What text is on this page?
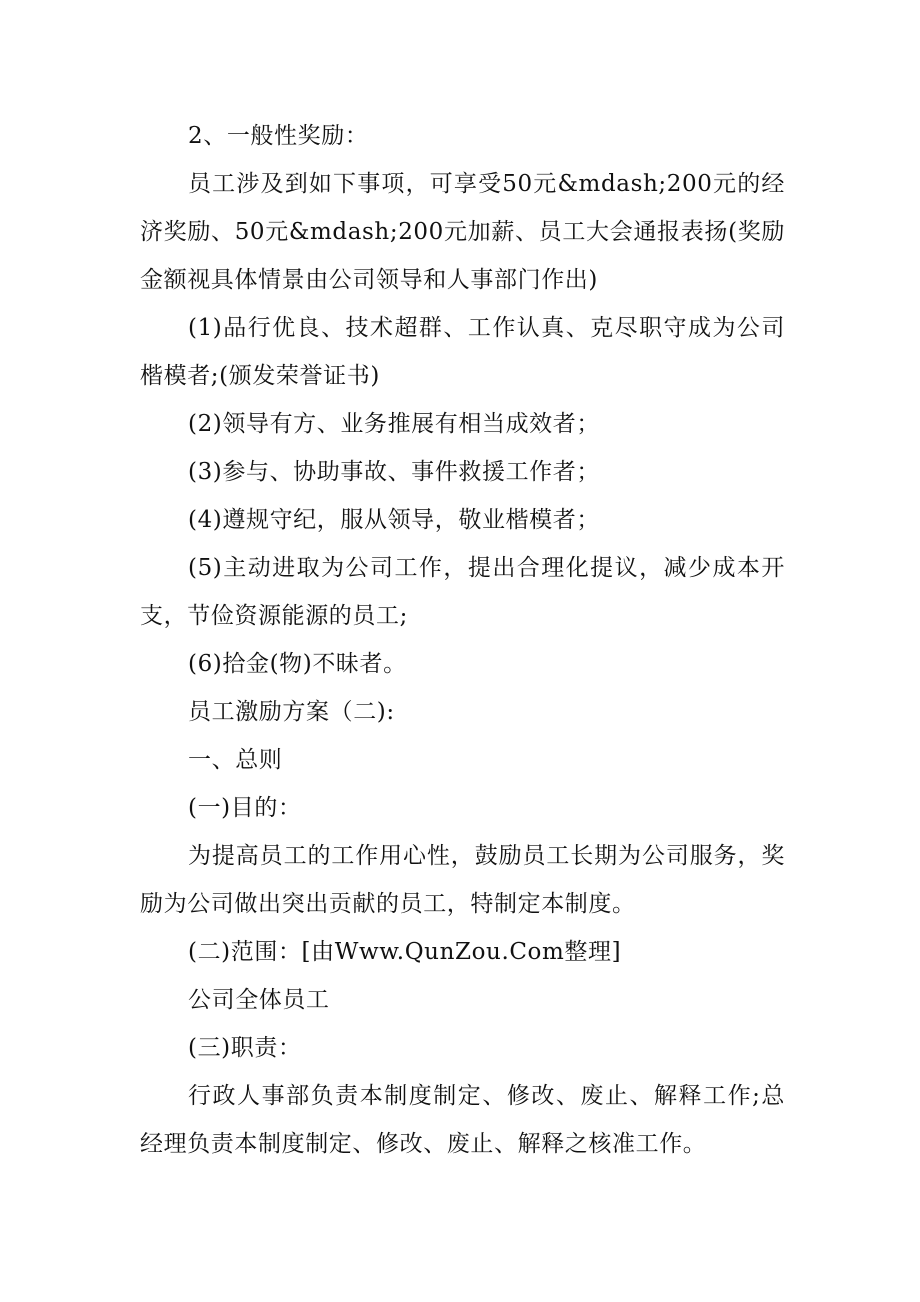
2、一般性奖励：

员工涉及到如下事项，可享受50元&mdash;200元的经济奖励、50元&mdash;200元加薪、员工大会通报表扬(奖励金额视具体情景由公司领导和人事部门作出)

(1)品行优良、技术超群、工作认真、克尽职守成为公司楷模者;(颁发荣誉证书)

(2)领导有方、业务推展有相当成效者；

(3)参与、协助事故、事件救援工作者；

(4)遵规守纪，服从领导，敬业楷模者；

(5)主动进取为公司工作，提出合理化提议，减少成本开支，节俭资源能源的员工;

(6)拾金(物)不昧者。

员工激励方案（二):

一、总则

(一)目的：

为提高员工的工作用心性，鼓励员工长期为公司服务，奖励为公司做出突出贡献的员工，特制定本制度。

(二)范围：[由Www.QunZou.Com整理]

公司全体员工

(三)职责：

行政人事部负责本制度制定、修改、废止、解释工作;总经理负责本制度制定、修改、废止、解释之核准工作。
